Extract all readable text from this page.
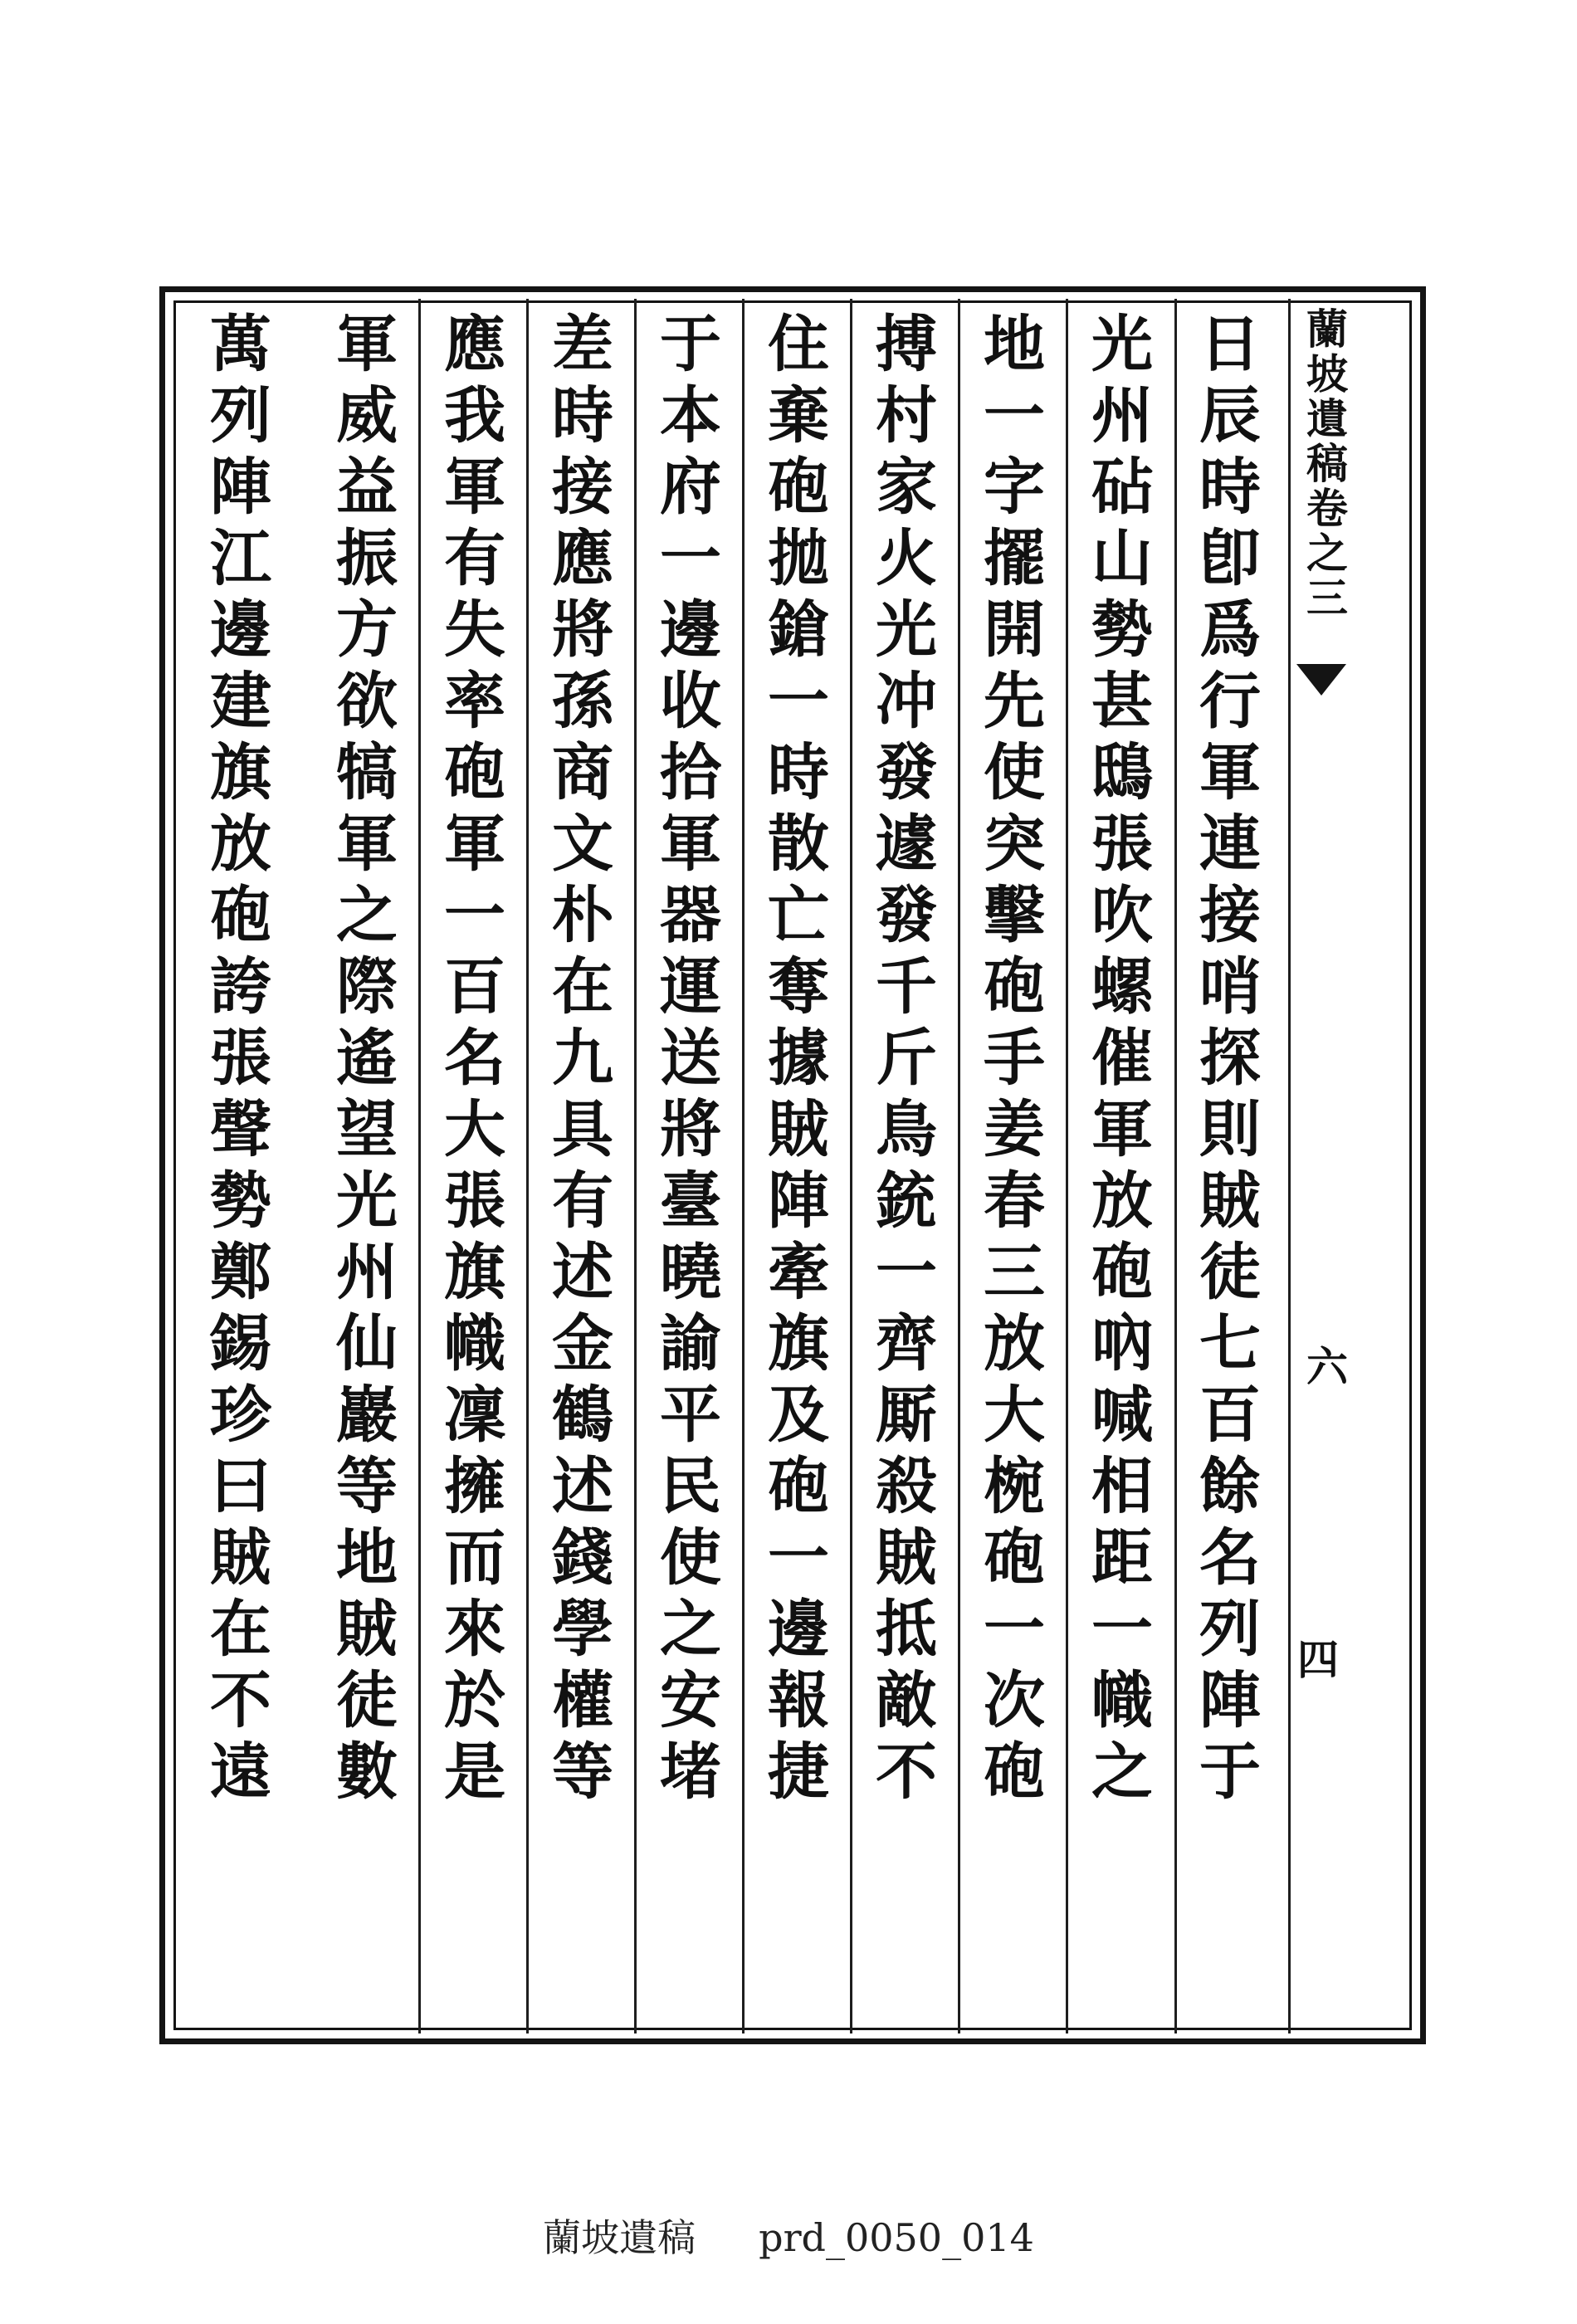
蘭坡遺稿卷之三
六
四
日辰時卽爲行軍連接哨探則賊徒七百餘名列陣于
光州砧山勢甚鴟張吹螺催軍放砲吶喊相距一幟之
地一字擺開先使突擊砲手姜春三放大椀砲一次砲
搏村家火光冲發遽發千斤鳥銃一齊厮殺賊抵敵不
住棄砲拋鎗一時散亡奪據賊陣牽旗及砲一邊報捷
于本府一邊收拾軍器運送將臺曉諭平民使之安堵
差時接應將孫商文朴在九具有述金鶴述錢學權等
應我軍有失率砲軍一百名大張旗幟凜擁而來於是
軍威益振方欲犒軍之際遙望光州仙巖等地賊徒數
萬列陣江邊建旗放砲誇張聲勢鄭錫珍曰賊在不遠
蘭坡遺稿 prd_0050_014
